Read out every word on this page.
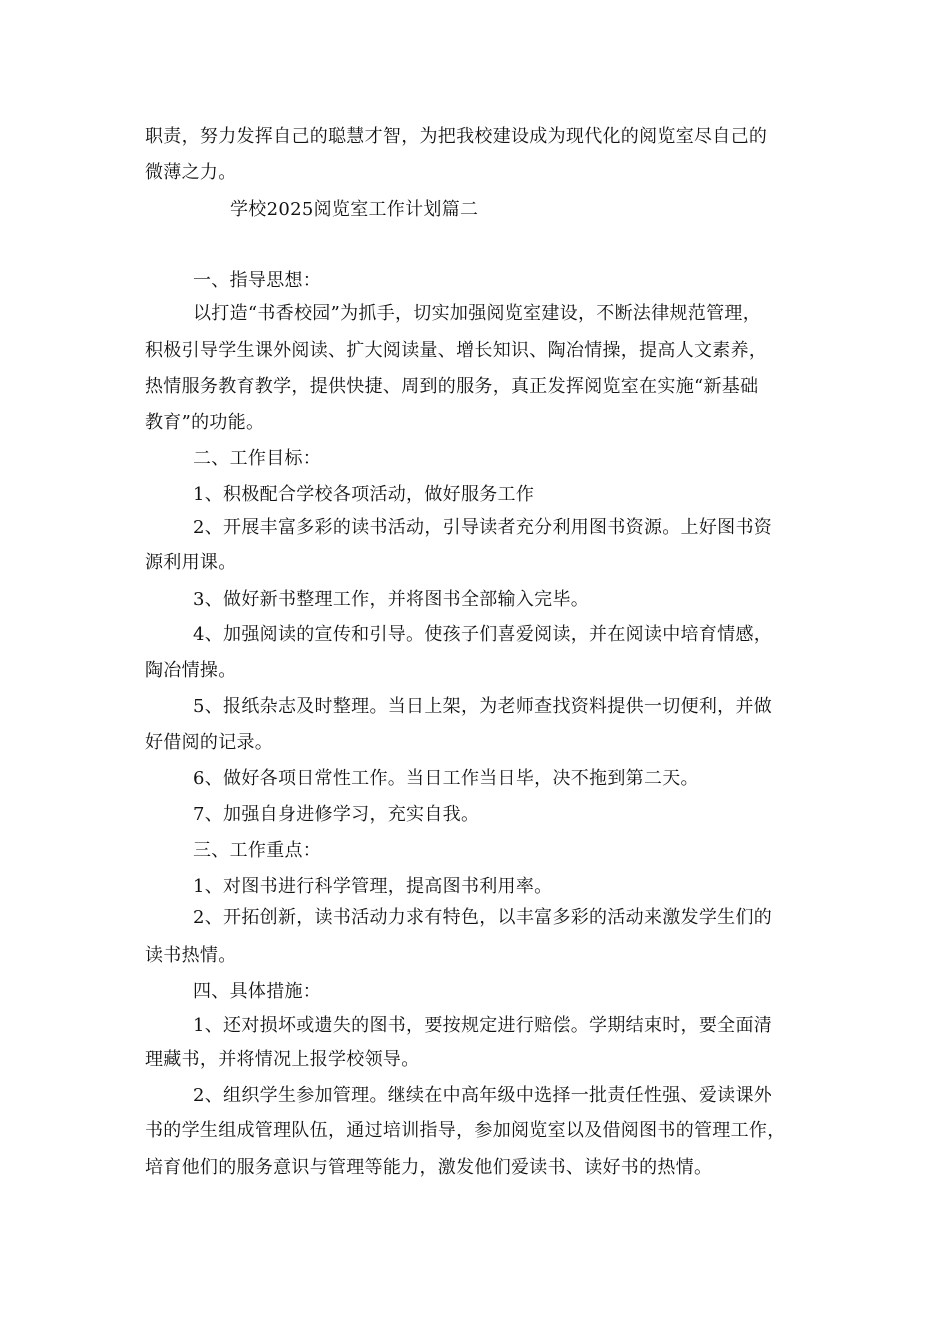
职责，努力发挥自己的聪慧才智，为把我校建设成为现代化的阅览室尽自己的
微薄之力。
学校2025阅览室工作计划篇二
一、指导思想：
以打造“书香校园”为抓手，切实加强阅览室建设，不断法律规范管理，
积极引导学生课外阅读、扩大阅读量、增长知识、陶冶情操，提高人文素养，
热情服务教育教学，提供快捷、周到的服务，真正发挥阅览室在实施“新基础
教育”的功能。
二、工作目标：
1、积极配合学校各项活动，做好服务工作
2、开展丰富多彩的读书活动，引导读者充分利用图书资源。上好图书资
源利用课。
3、做好新书整理工作，并将图书全部输入完毕。
4、加强阅读的宣传和引导。使孩子们喜爱阅读，并在阅读中培育情感，
陶冶情操。
5、报纸杂志及时整理。当日上架，为老师查找资料提供一切便利，并做
好借阅的记录。
6、做好各项日常性工作。当日工作当日毕，决不拖到第二天。
7、加强自身进修学习，充实自我。
三、工作重点：
1、对图书进行科学管理，提高图书利用率。
2、开拓创新，读书活动力求有特色，以丰富多彩的活动来激发学生们的
读书热情。
四、具体措施：
1、还对损坏或遗失的图书，要按规定进行赔偿。学期结束时，要全面清
理藏书，并将情况上报学校领导。
2、组织学生参加管理。继续在中高年级中选择一批责任性强、爱读课外
书的学生组成管理队伍，通过培训指导，参加阅览室以及借阅图书的管理工作，
培育他们的服务意识与管理等能力，激发他们爱读书、读好书的热情。
